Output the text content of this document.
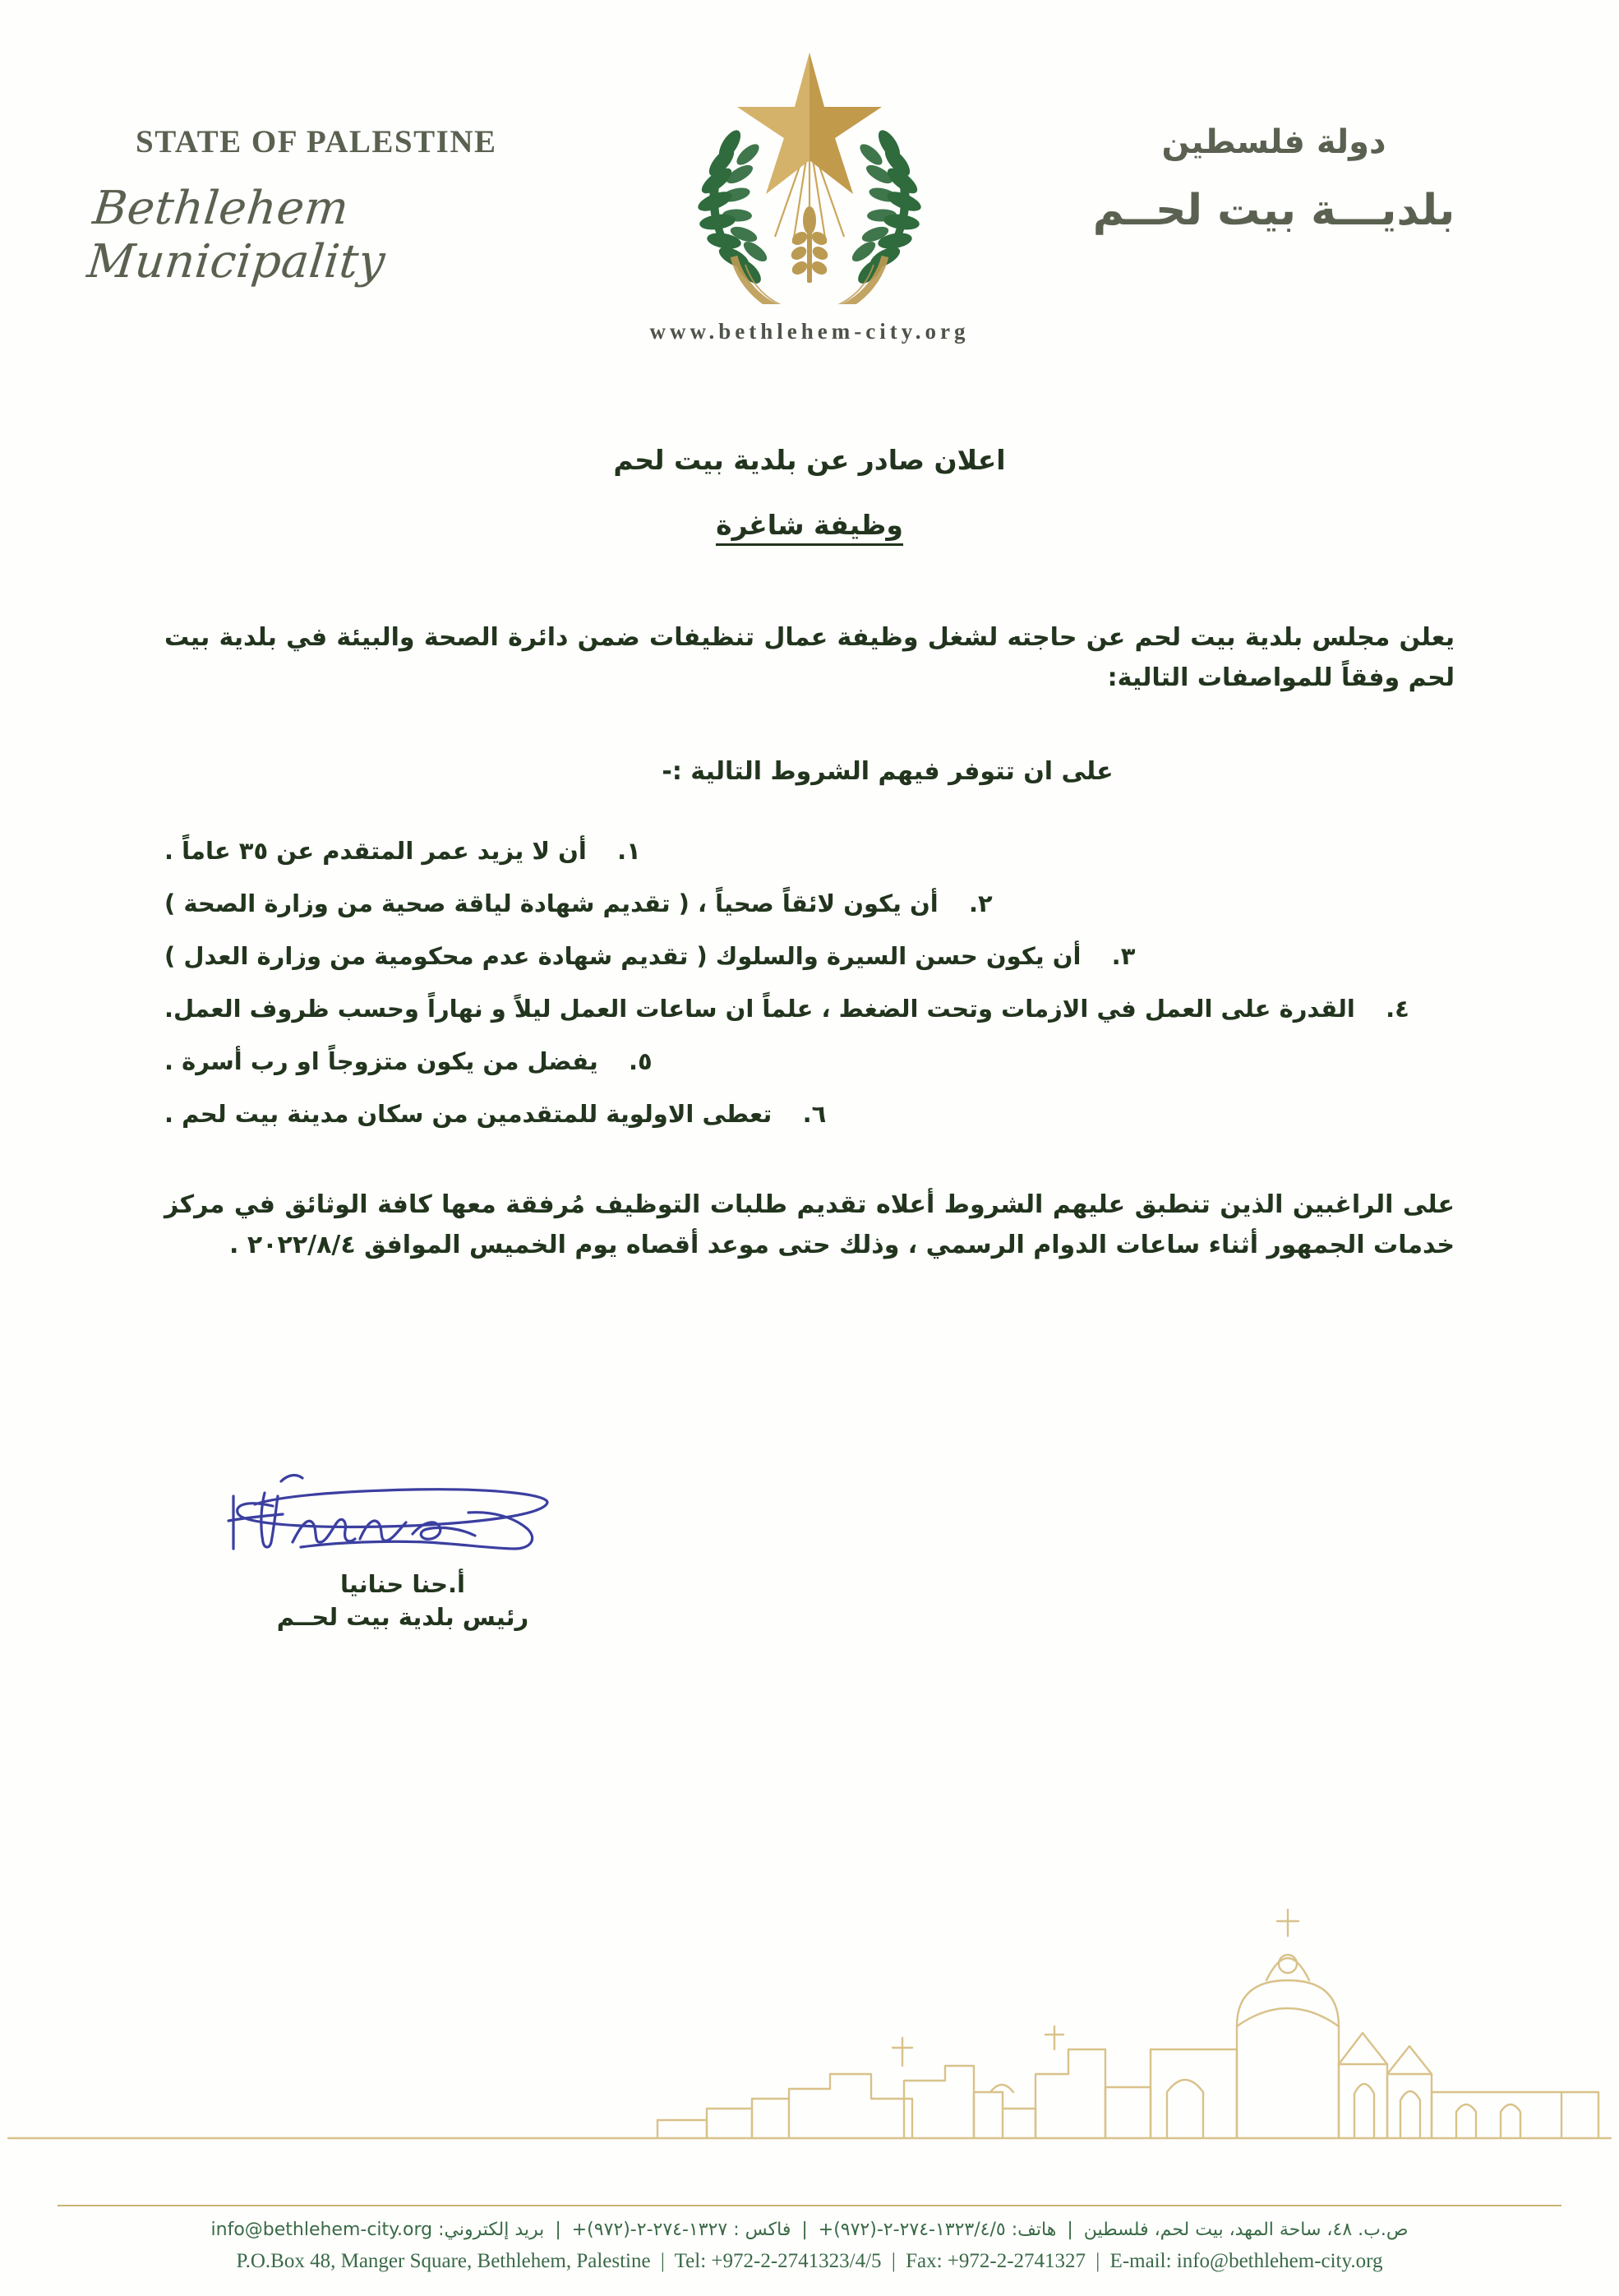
STATE OF PALESTINE
Bethlehem Municipality
دولة فلسطين
بلديـــة بيت لحــم
www.bethlehem-city.org
اعلان صادر عن بلدية بيت لحم
وظيفة شاغرة

يعلن مجلس بلدية بيت لحم عن حاجته لشغل وظيفة عمال تنظيفات ضمن دائرة الصحة والبيئة في بلدية بيت لحم وفقاً للمواصفات التالية:

على ان تتوفر فيهم الشروط التالية :-

١.
أن لا يزيد عمر المتقدم عن ٣٥ عاماً .
٢.
أن يكون لائقاً صحياً ، ( تقديم شهادة لياقة صحية من وزارة الصحة )
٣.
أن يكون حسن السيرة والسلوك ( تقديم شهادة عدم محكومية من وزارة العدل )
٤.
القدرة على العمل في الازمات وتحت الضغط ، علماً ان ساعات العمل ليلاً و نهاراً وحسب ظروف العمل.
٥.
يفضل من يكون متزوجاً او رب أسرة .
٦.
تعطى الاولوية للمتقدمين من سكان مدينة بيت لحم .

على الراغبين الذين تنطبق عليهم الشروط أعلاه تقديم طلبات التوظيف مُرفقة معها كافة الوثائق في مركز خدمات الجمهور أثناء ساعات الدوام الرسمي ، وذلك حتى موعد أقصاه يوم الخميس الموافق ٢٠٢٢/٨/٤ .

أ.حنا حنانيا
رئيس بلدية بيت لحــم
ص.ب. ٤٨، ساحة المهد، بيت لحم، فلسطين | هاتف: ١٣٢٣/٤/٥-٢٧٤-٢-(٩٧٢)+ | فاكس : ١٣٢٧-٢٧٤-٢-(٩٧٢)+ | بريد إلكتروني: info@bethlehem-city.org
P.O.Box 48, Manger Square, Bethlehem, Palestine | Tel: +972-2-2741323/4/5 | Fax: +972-2-2741327 | E-mail: info@bethlehem-city.org
